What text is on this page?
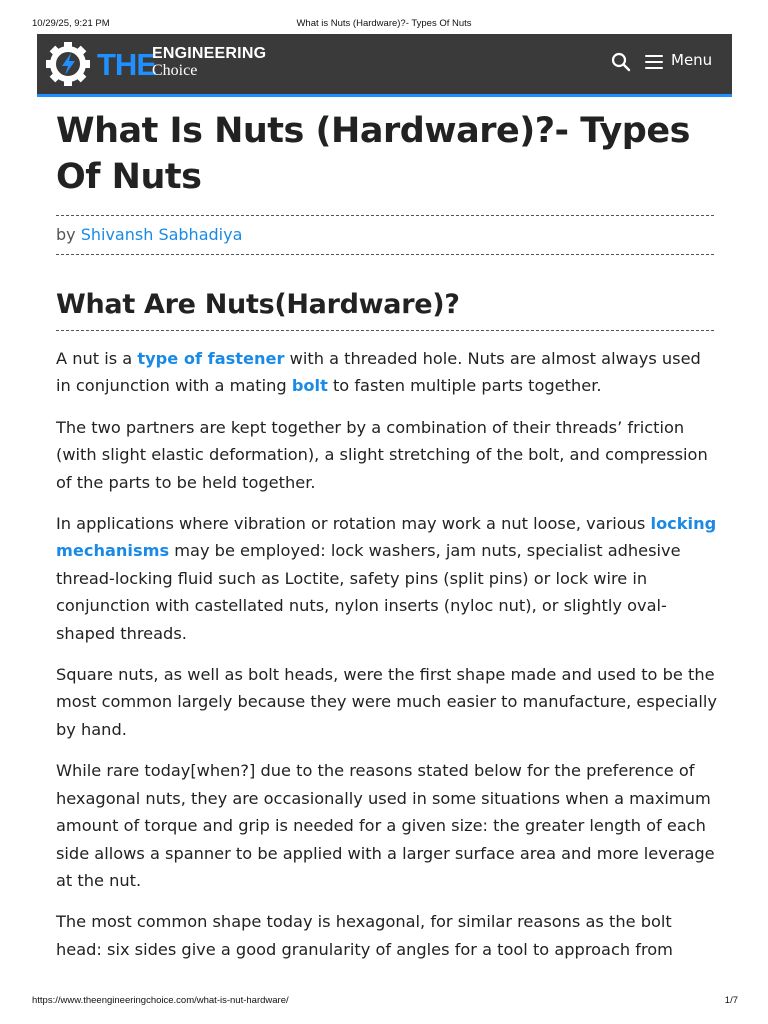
10/29/25, 9:21 PM	What is Nuts (Hardware)?- Types Of Nuts
THE
ENGINEERING
Choice
Menu
What Is Nuts (Hardware)?- Types Of Nuts
by Shivansh Sabhadiya
What Are Nuts(Hardware)?

A nut is a type of fastener with a threaded hole. Nuts are almost always used in conjunction with a mating bolt to fasten multiple parts together.

The two partners are kept together by a combination of their threads’ friction (with slight elastic deformation), a slight stretching of the bolt, and compression of the parts to be held together.

In applications where vibration or rotation may work a nut loose, various locking mechanisms may be employed: lock washers, jam nuts, specialist adhesive thread-locking fluid such as Loctite, safety pins (split pins) or lock wire in conjunction with castellated nuts, nylon inserts (nyloc nut), or slightly oval-shaped threads.

Square nuts, as well as bolt heads, were the first shape made and used to be the most common largely because they were much easier to manufacture, especially by hand.

While rare today[when?] due to the reasons stated below for the preference of hexagonal nuts, they are occasionally used in some situations when a maximum amount of torque and grip is needed for a given size: the greater length of each side allows a spanner to be applied with a larger surface area and more leverage at the nut.

The most common shape today is hexagonal, for similar reasons as the bolt head: six sides give a good granularity of angles for a tool to approach from

https://www.theengineeringchoice.com/what-is-nut-hardware/	1/7
